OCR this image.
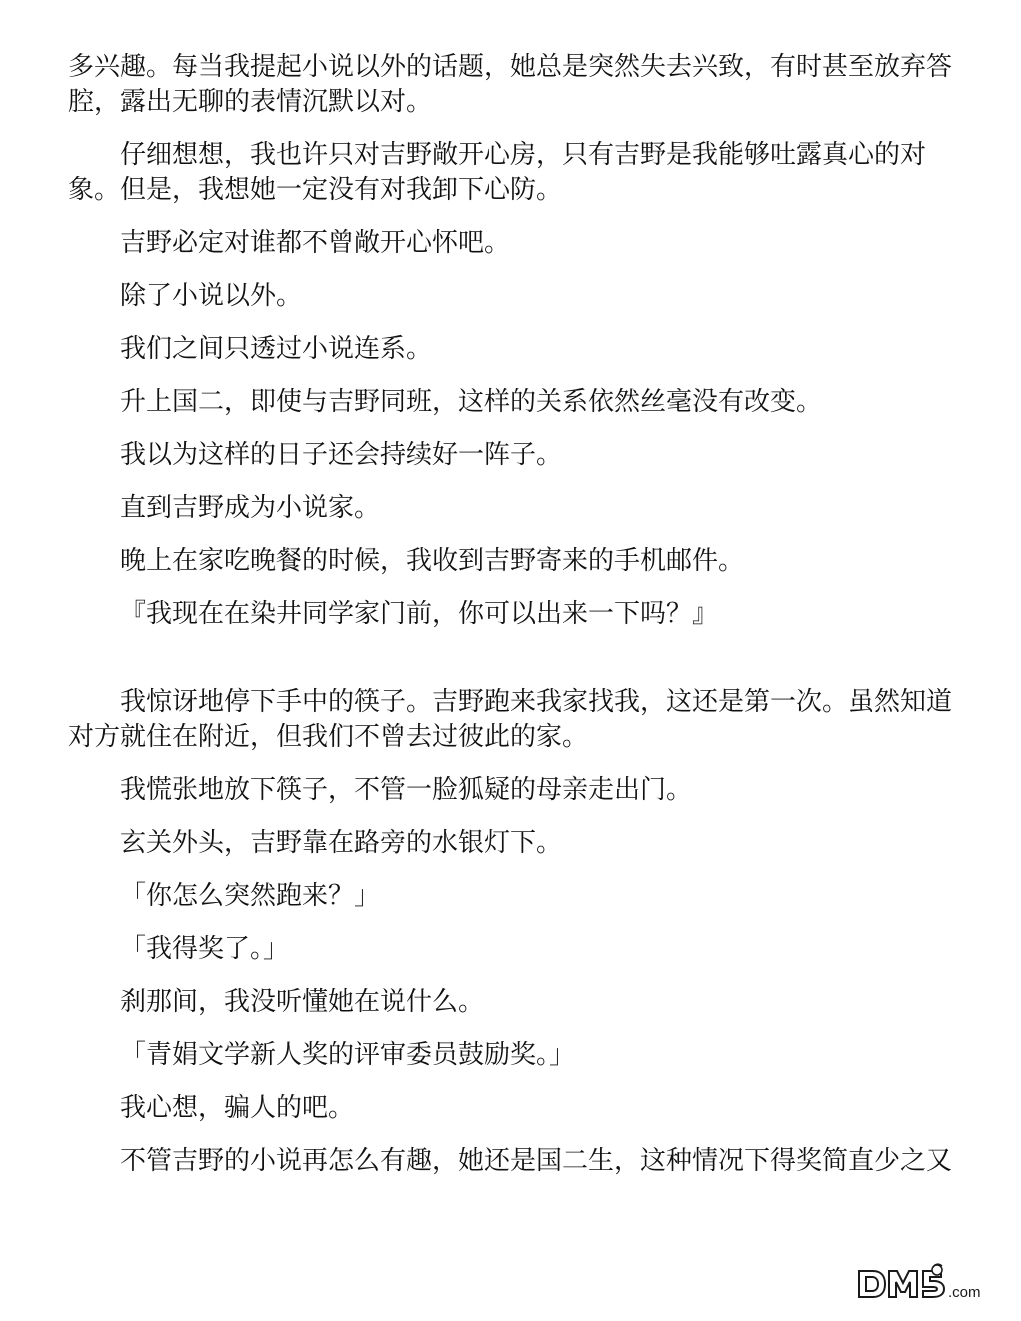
多兴趣。每当我提起小说以外的话题，她总是突然失去兴致，有时甚至放弃答
腔，露出无聊的表情沉默以对。
仔细想想，我也许只对吉野敞开心房，只有吉野是我能够吐露真心的对
象。但是，我想她一定没有对我卸下心防。
吉野必定对谁都不曾敞开心怀吧。
除了小说以外。
我们之间只透过小说连系。
升上国二，即使与吉野同班，这样的关系依然丝毫没有改变。
我以为这样的日子还会持续好一阵子。
直到吉野成为小说家。
晚上在家吃晚餐的时候，我收到吉野寄来的手机邮件。
『我现在在染井同学家门前，你可以出来一下吗？』
我惊讶地停下手中的筷子。吉野跑来我家找我，这还是第一次。虽然知道
对方就住在附近，但我们不曾去过彼此的家。
我慌张地放下筷子，不管一脸狐疑的母亲走出门。
玄关外头，吉野靠在路旁的水银灯下。
「你怎么突然跑来？」
「我得奖了。」
刹那间，我没听懂她在说什么。
「青娟文学新人奖的评审委员鼓励奖。」
我心想，骗人的吧。
不管吉野的小说再怎么有趣，她还是国二生，这种情况下得奖简直少之又
.com
